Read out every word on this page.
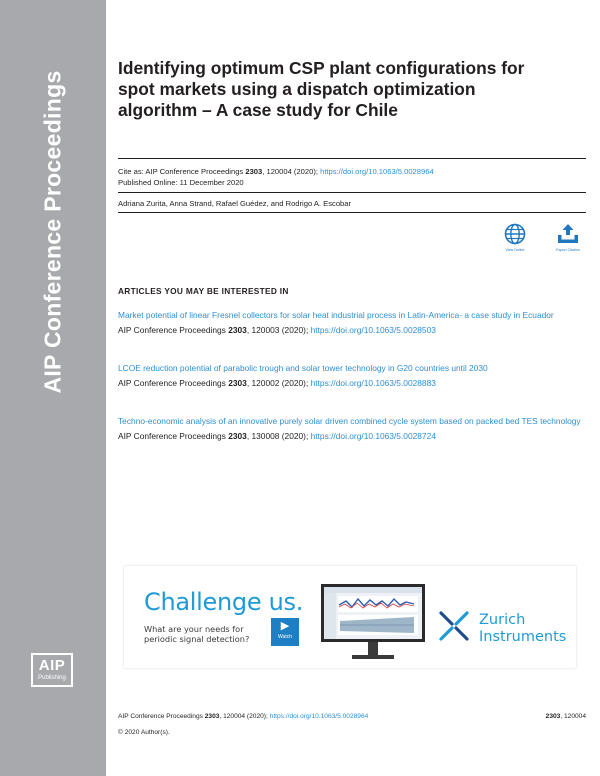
AIP Conference Proceedings
AIP
Publishing
Identifying optimum CSP plant configurations for spot markets using a dispatch optimization algorithm – A case study for Chile
Cite as: AIP Conference Proceedings 2303, 120004 (2020); https://doi.org/10.1063/5.0028964
Published Online: 11 December 2020
Adriana Zurita, Anna Strand, Rafael Guédez, and Rodrigo A. Escobar
View Online	Export Citation
ARTICLES YOU MAY BE INTERESTED IN
Market potential of linear Fresnel collectors for solar heat industrial process in Latin-America- a case study in Ecuador
AIP Conference Proceedings 2303, 120003 (2020); https://doi.org/10.1063/5.0028503
LCOE reduction potential of parabolic trough and solar tower technology in G20 countries until 2030
AIP Conference Proceedings 2303, 120002 (2020); https://doi.org/10.1063/5.0028883
Techno-economic analysis of an innovative purely solar driven combined cycle system based on packed bed TES technology
AIP Conference Proceedings 2303, 130008 (2020); https://doi.org/10.1063/5.0028724
Challenge us.
What are your needs for
periodic signal detection?
▶
Watch
Zurich
Instruments
AIP Conference Proceedings 2303, 120004 (2020); https://doi.org/10.1063/5.0028964	2303, 120004
© 2020 Author(s).
